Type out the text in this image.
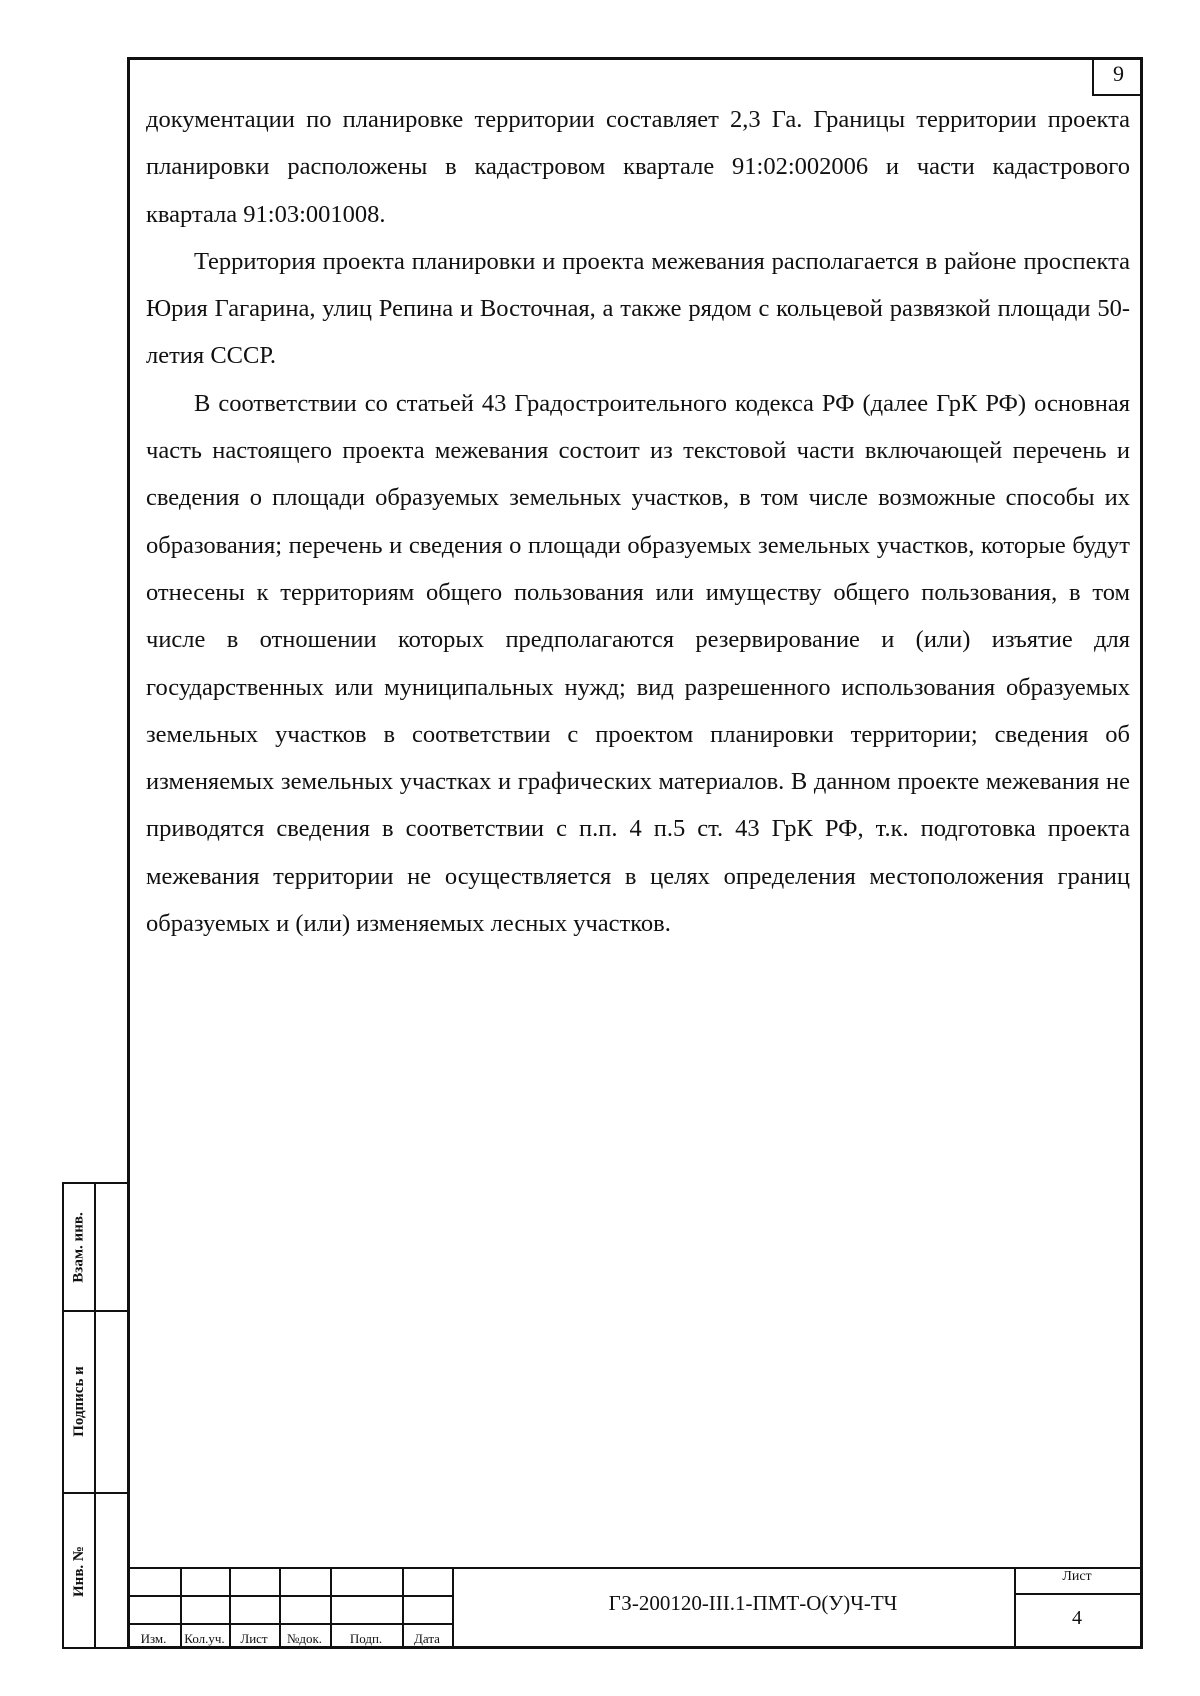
9

документации по планировке территории составляет 2,3 Га. Границы территории проекта планировки расположены в кадастровом квартале 91:02:002006 и части кадастрового квартала 91:03:001008.

Территория проекта планировки и проекта межевания располагается в районе проспекта Юрия Гагарина, улиц Репина и Восточная, а также рядом с кольцевой развязкой площади 50-летия СССР.

В соответствии со статьей 43 Градостроительного кодекса РФ (далее ГрК РФ) основная часть настоящего проекта межевания состоит из текстовой части включающей перечень и сведения о площади образуемых земельных участков, в том числе возможные способы их образования; перечень и сведения о площади образуемых земельных участков, которые будут отнесены к территориям общего пользования или имуществу общего пользования, в том числе в отношении которых предполагаются резервирование и (или) изъятие для государственных или муниципальных нужд; вид разрешенного использования образуемых земельных участков в соответствии с проектом планировки территории; сведения об изменяемых земельных участках и графических материалов. В данном проекте межевания не приводятся сведения в соответствии с п.п. 4 п.5 ст. 43 ГрК РФ, т.к. подготовка проекта межевания территории не осуществляется в целях определения местоположения границ образуемых и (или) изменяемых лесных участков.

Взам. инв.
Подпись и
Инв. №
Изм.	Кол.уч.	Лист	№док.	Подп.	Дата
ГЗ-200120-III.1-ПМТ-О(У)Ч-ТЧ
Лист
4
